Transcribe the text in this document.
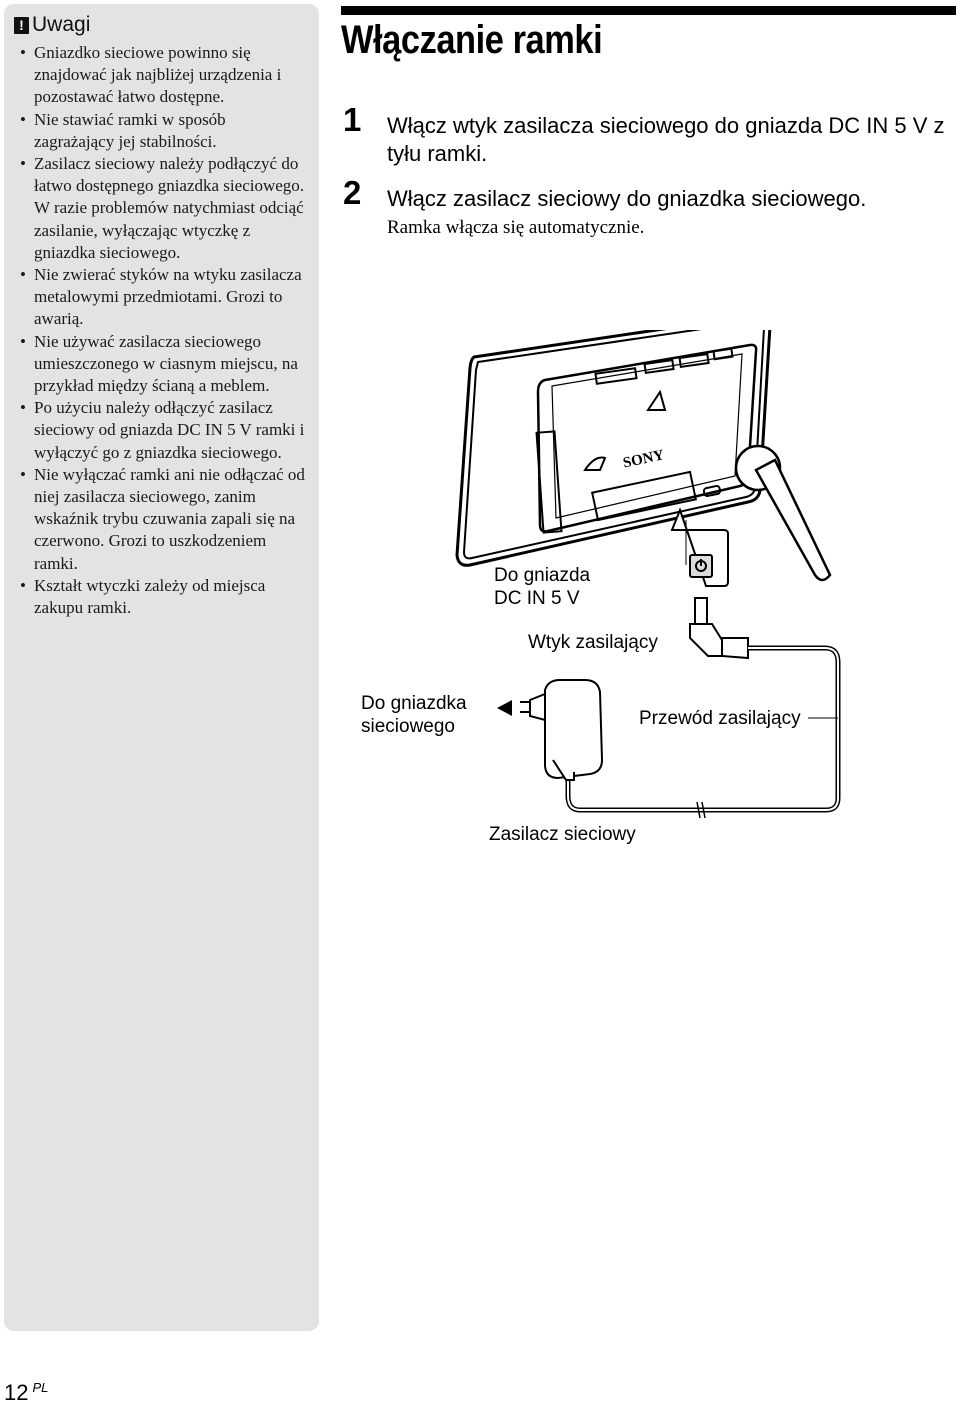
! Uwagi
• Gniazdko sieciowe powinno się znajdować jak najbliżej urządzenia i pozostawać łatwo dostępne.
• Nie stawiać ramki w sposób zagrażający jej stabilności.
• Zasilacz sieciowy należy podłączyć do łatwo dostępnego gniazdka sieciowego. W razie problemów natychmiast odciąć zasilanie, wyłączając wtyczkę z gniazdka sieciowego.
• Nie zwierać styków na wtyku zasilacza metalowymi przedmiotami. Grozi to awarią.
• Nie używać zasilacza sieciowego umieszczonego w ciasnym miejscu, na przykład między ścianą a meblem.
• Po użyciu należy odłączyć zasilacz sieciowy od gniazda DC IN 5 V ramki i wyłączyć go z gniazdka sieciowego.
• Nie wyłączać ramki ani nie odłączać od niej zasilacza sieciowego, zanim wskaźnik trybu czuwania zapali się na czerwono. Grozi to uszkodzeniem ramki.
• Kształt wtyczki zależy od miejsca zakupu ramki.
Włączanie ramki
1 Włącz wtyk zasilacza sieciowego do gniazda DC IN 5 V z tyłu ramki.
2 Włącz zasilacz sieciowy do gniazdka sieciowego.
Ramka włącza się automatycznie.
SONY
Do gniazda
DC IN 5 V
Wtyk zasilający
Do gniazdka
sieciowego	Przewód zasilający
Zasilacz sieciowy
12 $^{PL}$
